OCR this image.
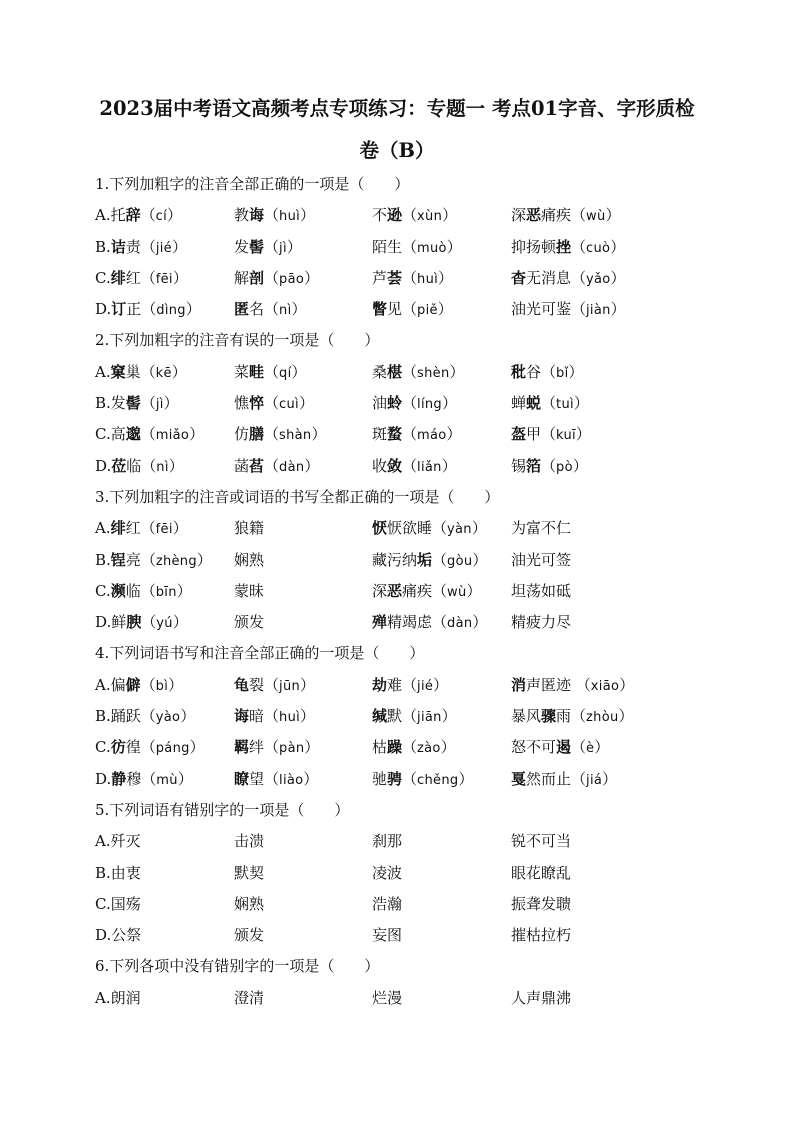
2023届中考语文高频考点专项练习：专题一 考点01字音、字形质检
卷（B）
1.下列加粗字的注音全部正确的一项是（　　）
A.托辞（cí）	教诲（huì）	不逊（xùn）	深恶痛疾（wù）
B.诘责（jié）	发髻（jì）	陌生（muò）	抑扬顿挫（cuò）
C.绯红（fēi）	解剖（pāo）	芦荟（huì）	杳无消息（yǎo）
D.订正（dìng） 匿名（nì）	瞥见（piě）	油光可鉴（jiàn）
2.下列加粗字的注音有误的一项是（　　）
A.窠巢（kē）	菜畦（qí）	桑椹（shèn）	秕谷（bǐ）
B.发髻（jì）	憔悴（cuì）	油蛉（líng）	蝉蜕（tuì）
C.高邈（miǎo） 仿膳（shàn）	斑蝥（máo）	盔甲（kuī）
D.莅临（nì）	菡萏（dàn）	收敛（liǎn）	锡箔（pò）
3.下列加粗字的注音或词语的书写全都正确的一项是（　　）
A.绯红（fēi）	狼籍	恹恹欲睡（yàn） 为富不仁
B.锃亮（zhèng） 娴熟	藏污纳垢（gòu） 油光可签
C.濒临（bīn）	蒙昧	深恶痛疾（wù） 坦荡如砥
D.鲜腴（yú）	颁发	殚精竭虑（dàn） 精疲力尽
4.下列词语书写和注音全部正确的一项是（　　）
A.偏僻（bì）	龟裂（jūn）	劫难（jié）	消声匿迹 （xiāo）
B.踊跃（yào）	诲暗（huì）	缄默（jiān）	暴风骤雨（zhòu）
C.彷徨（páng） 羁绊（pàn）	枯躁（zào）	怒不可遏（è）
D.静穆（mù）	瞭望（liào）	驰骋（chěng）	戛然而止（jiá）
5.下列词语有错别字的一项是（　　）
A.歼灭	击溃	刹那	锐不可当
B.由衷	默契	凌波	眼花瞭乱
C.国殇	娴熟	浩瀚	振聋发聩
D.公祭	颁发	妄图	摧枯拉朽
6.下列各项中没有错别字的一项是（　　）
A.朗润	澄清	烂漫	人声鼎沸
